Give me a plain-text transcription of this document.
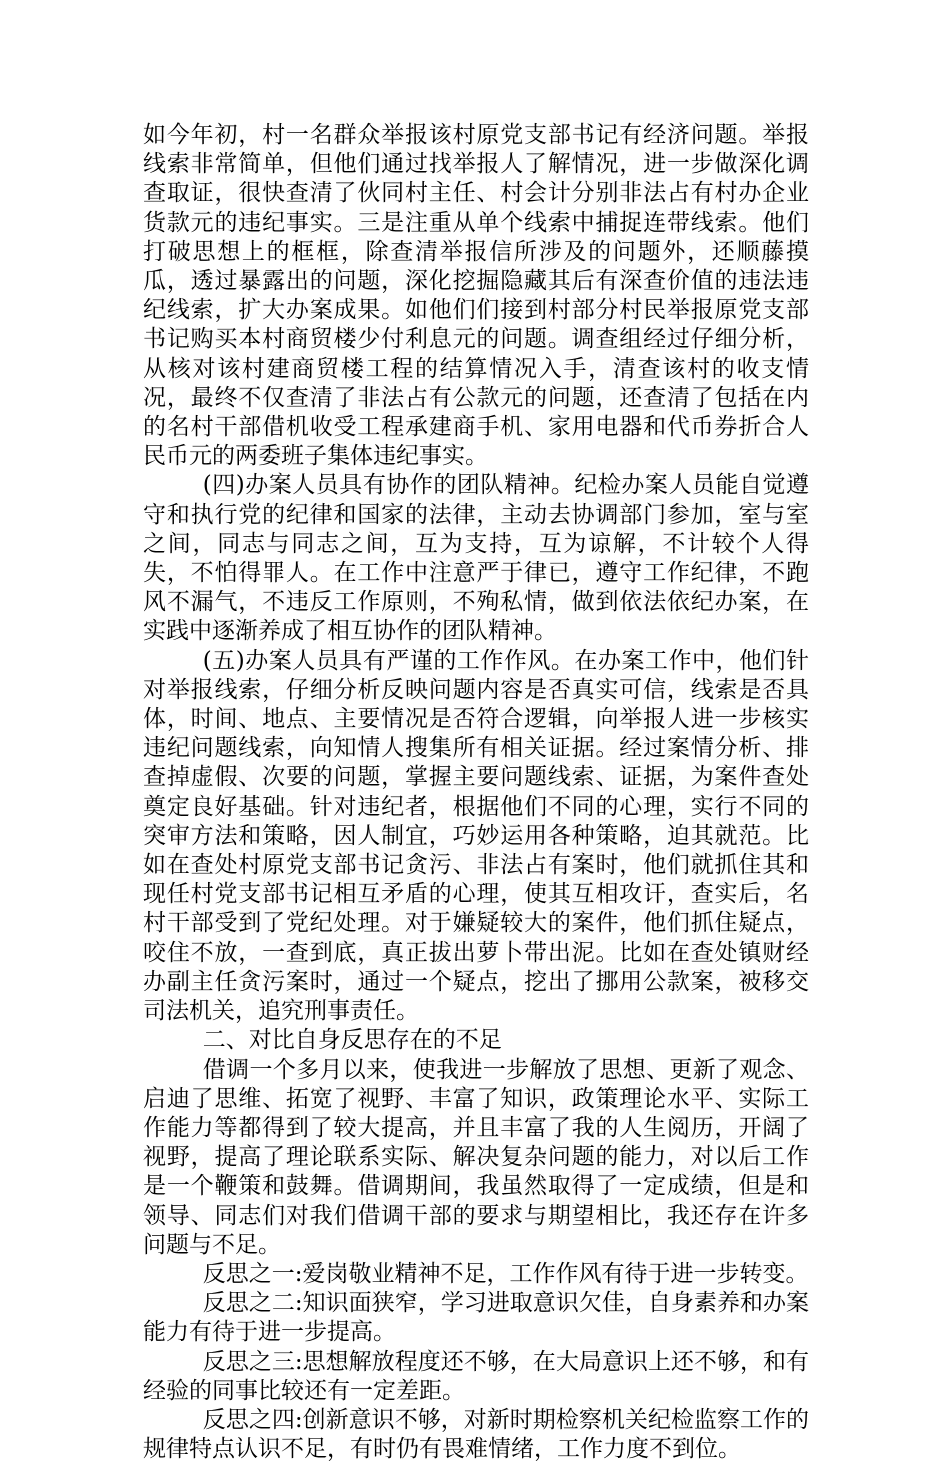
如今年初，村一名群众举报该村原党支部书记有经济问题。举报线索非常简单，但他们通过找举报人了解情况，进一步做深化调查取证，很快查清了伙同村主任、村会计分别非法占有村办企业货款元的违纪事实。三是注重从单个线索中捕捉连带线索。他们打破思想上的框框，除查清举报信所涉及的问题外，还顺藤摸瓜，透过暴露出的问题，深化挖掘隐藏其后有深查价值的违法违纪线索，扩大办案成果。如他们们接到村部分村民举报原党支部书记购买本村商贸楼少付利息元的问题。调查组经过仔细分析，从核对该村建商贸楼工程的结算情况入手，清查该村的收支情况，最终不仅查清了非法占有公款元的问题，还查清了包括在内的名村干部借机收受工程承建商手机、家用电器和代币券折合人民币元的两委班子集体违纪事实。

(四)办案人员具有协作的团队精神。纪检办案人员能自觉遵守和执行党的纪律和国家的法律，主动去协调部门参加，室与室之间，同志与同志之间，互为支持，互为谅解，不计较个人得失，不怕得罪人。在工作中注意严于律已，遵守工作纪律，不跑风不漏气，不违反工作原则，不殉私情，做到依法依纪办案，在实践中逐渐养成了相互协作的团队精神。

(五)办案人员具有严谨的工作作风。在办案工作中，他们针对举报线索，仔细分析反映问题内容是否真实可信，线索是否具体，时间、地点、主要情况是否符合逻辑，向举报人进一步核实违纪问题线索，向知情人搜集所有相关证据。经过案情分析、排查掉虚假、次要的问题，掌握主要问题线索、证据，为案件查处奠定良好基础。针对违纪者，根据他们不同的心理，实行不同的突审方法和策略，因人制宜，巧妙运用各种策略，迫其就范。比如在查处村原党支部书记贪污、非法占有案时，他们就抓住其和现任村党支部书记相互矛盾的心理，使其互相攻讦，查实后，名村干部受到了党纪处理。对于嫌疑较大的案件，他们抓住疑点，咬住不放，一查到底，真正拔出萝卜带出泥。比如在查处镇财经办副主任贪污案时，通过一个疑点，挖出了挪用公款案，被移交司法机关，追究刑事责任。

二、对比自身反思存在的不足

借调一个多月以来，使我进一步解放了思想、更新了观念、启迪了思维、拓宽了视野、丰富了知识，政策理论水平、实际工作能力等都得到了较大提高，并且丰富了我的人生阅历，开阔了视野，提高了理论联系实际、解决复杂问题的能力，对以后工作是一个鞭策和鼓舞。借调期间，我虽然取得了一定成绩，但是和领导、同志们对我们借调干部的要求与期望相比，我还存在许多问题与不足。

反思之一:爱岗敬业精神不足，工作作风有待于进一步转变。

反思之二:知识面狭窄，学习进取意识欠佳，自身素养和办案能力有待于进一步提高。

反思之三:思想解放程度还不够，在大局意识上还不够，和有经验的同事比较还有一定差距。

反思之四:创新意识不够，对新时期检察机关纪检监察工作的规律特点认识不足，有时仍有畏难情绪，工作力度不到位。
